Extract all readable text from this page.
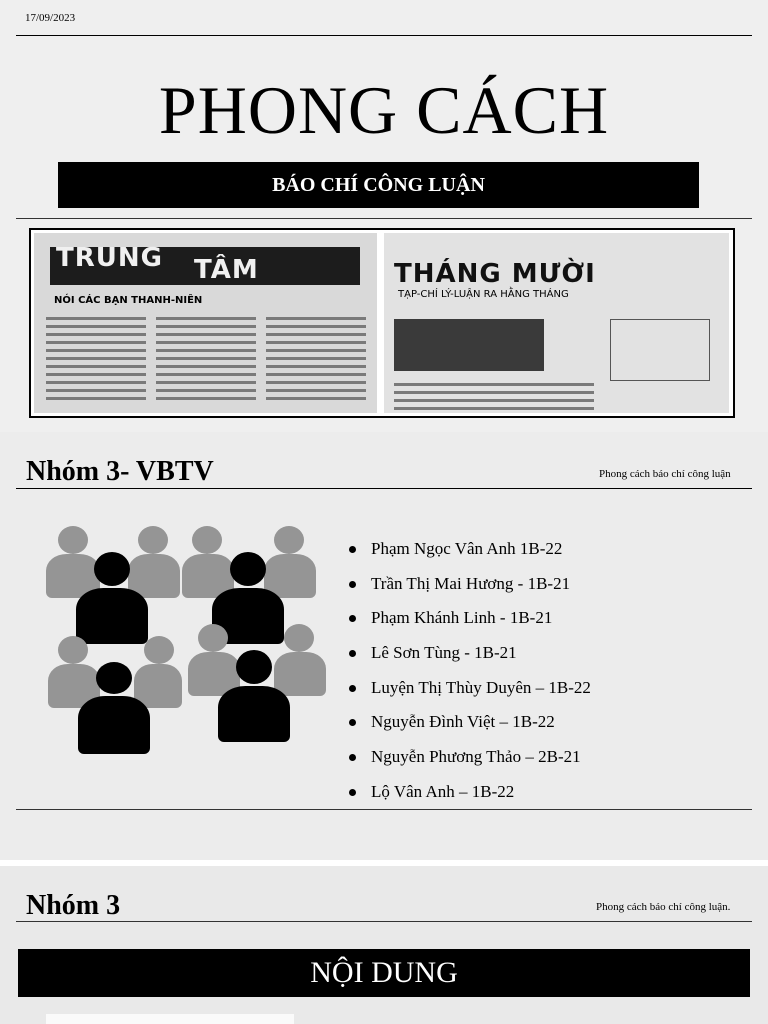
17/09/2023
PHONG CÁCH
BÁO CHÍ CÔNG LUẬN
TRUNG TÂM
NÓI CÁC BẠN THANH-NIÊN
THÁNG MƯỜI
TẠP-CHÍ LÝ-LUẬN RA HẰNG THÁNG
Nhóm 3- VBTV	Phong cách báo chí công luận
Phạm Ngọc Vân Anh 1B-22
Trần Thị Mai Hương - 1B-21
Phạm Khánh Linh - 1B-21
Lê Sơn Tùng - 1B-21
Luyện Thị Thùy Duyên – 1B-22
Nguyễn Đình Việt – 1B-22
Nguyễn Phương Thảo – 2B-21
Lộ Vân Anh – 1B-22
Nhóm 3	Phong cách báo chí công luận.
NỘI DUNG
